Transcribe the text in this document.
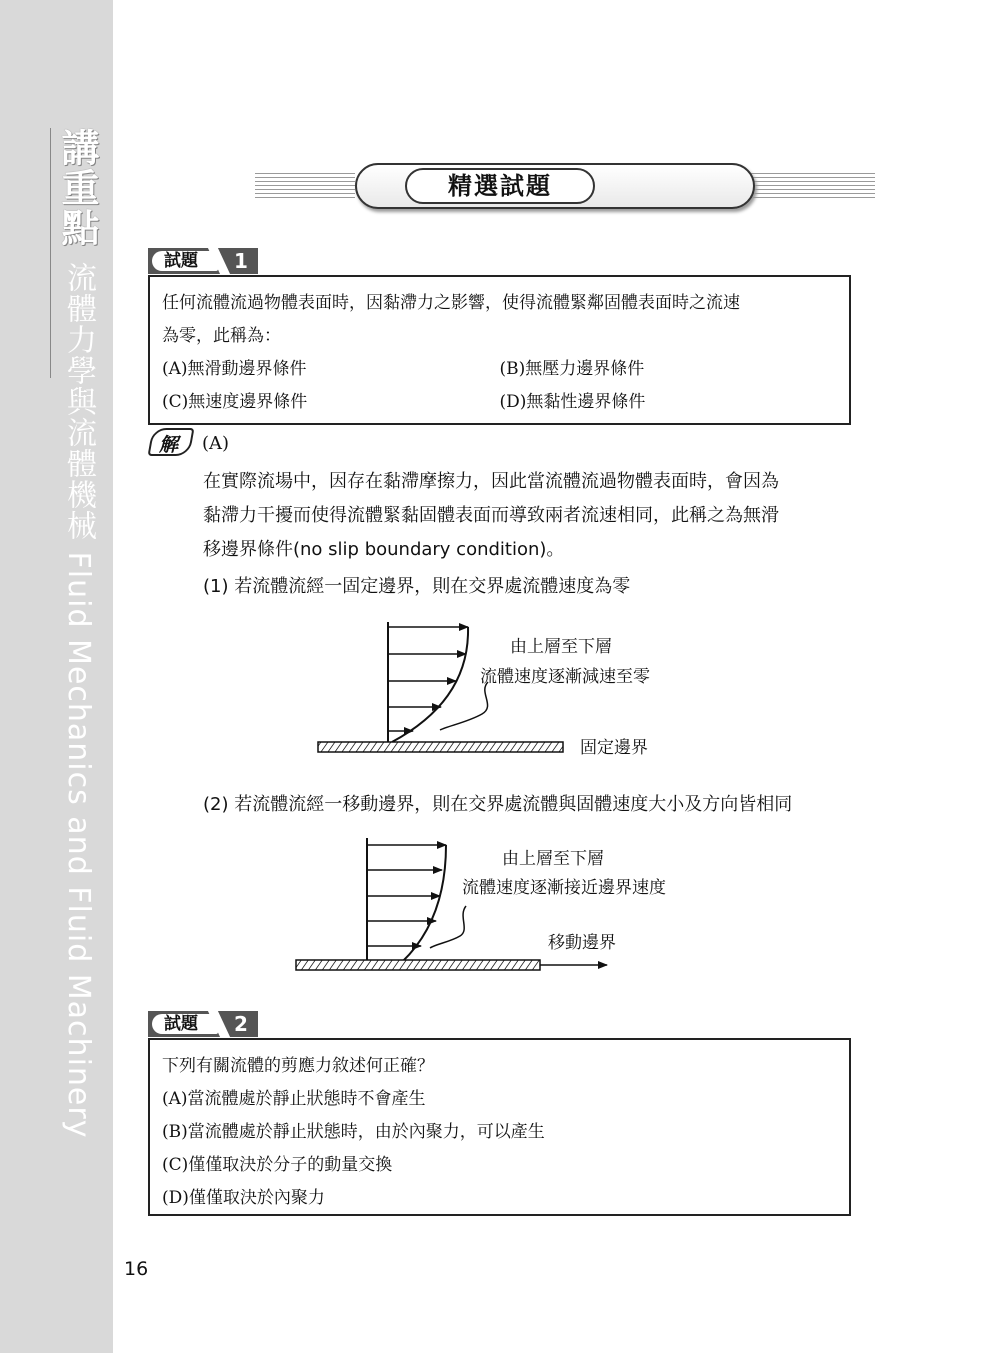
講重點
流體力學與流體機械 Fluid Mechanics and Fluid Machinery
精選試題
試題	1
任何流體流過物體表面時，因黏滯力之影響，使得流體緊鄰固體表面時之流速
為零，此稱為：
(A)無滑動邊界條件	(B)無壓力邊界條件
(C)無速度邊界條件	(D)無黏性邊界條件
解 (A)
在實際流場中，因存在黏滯摩擦力，因此當流體流過物體表面時，會因為
黏滯力干擾而使得流體緊黏固體表面而導致兩者流速相同，此稱之為無滑
移邊界條件(no slip boundary condition)。
(1) 若流體流經一固定邊界，則在交界處流體速度為零
(2) 若流體流經一移動邊界，則在交界處流體與固體速度大小及方向皆相同
由上層至下層
流體速度逐漸減速至零
固定邊界
由上層至下層
流體速度逐漸接近邊界速度
移動邊界
試題	2
下列有關流體的剪應力敘述何正確？
(A)當流體處於靜止狀態時不會產生
(B)當流體處於靜止狀態時，由於內聚力，可以產生
(C)僅僅取決於分子的動量交換
(D)僅僅取決於內聚力
16
